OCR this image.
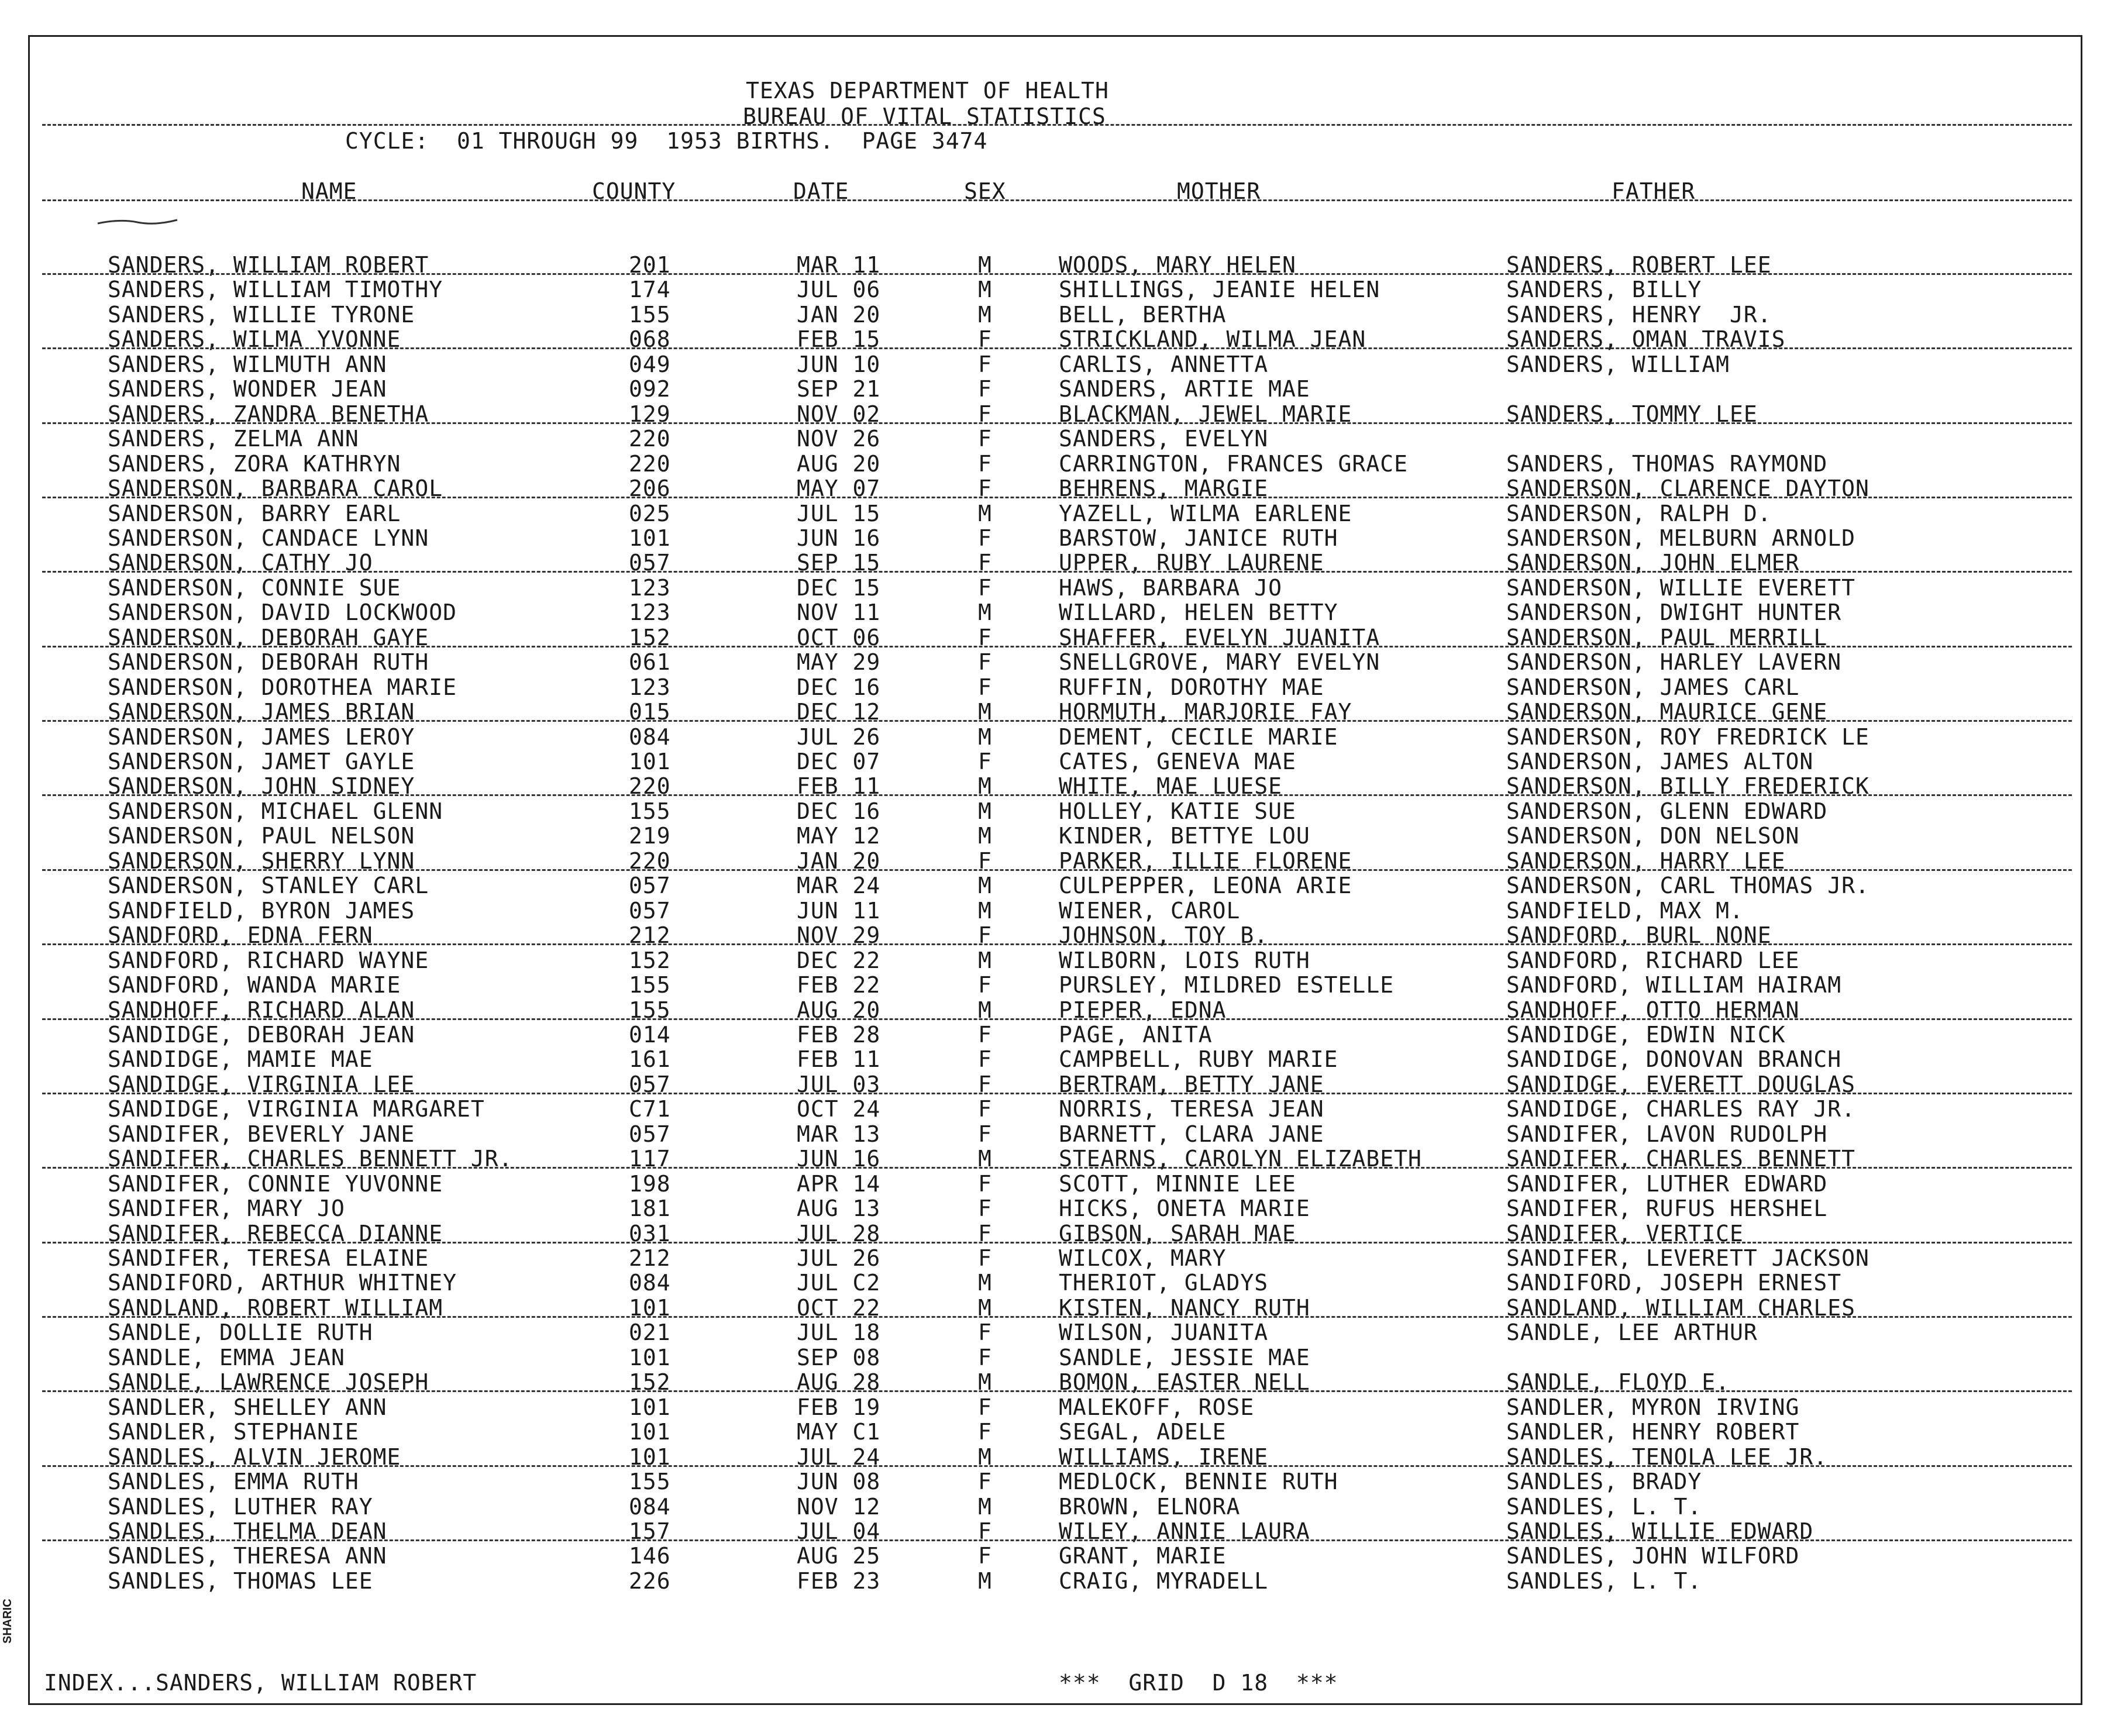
TEXAS DEPARTMENT OF HEALTH
BUREAU OF VITAL STATISTICS
CYCLE:  01 THROUGH 99  1953 BIRTHS.  PAGE 3474
NAME	COUNTY	DATE	SEX	MOTHER	FATHER
SANDERS, WILLIAM ROBERT	201	MAR 11	M	WOODS, MARY HELEN	SANDERS, ROBERT LEE
SANDERS, WILLIAM TIMOTHY	174	JUL 06	M	SHILLINGS, JEANIE HELEN	SANDERS, BILLY
SANDERS, WILLIE TYRONE	155	JAN 20	M	BELL, BERTHA	SANDERS, HENRY  JR.
SANDERS, WILMA YVONNE	068	FEB 15	F	STRICKLAND, WILMA JEAN	SANDERS, OMAN TRAVIS
SANDERS, WILMUTH ANN	049	JUN 10	F	CARLIS, ANNETTA	SANDERS, WILLIAM
SANDERS, WONDER JEAN	092	SEP 21	F	SANDERS, ARTIE MAE
SANDERS, ZANDRA BENETHA	129	NOV 02	F	BLACKMAN, JEWEL MARIE	SANDERS, TOMMY LEE
SANDERS, ZELMA ANN	220	NOV 26	F	SANDERS, EVELYN
SANDERS, ZORA KATHRYN	220	AUG 20	F	CARRINGTON, FRANCES GRACE	SANDERS, THOMAS RAYMOND
SANDERSON, BARBARA CAROL	206	MAY 07	F	BEHRENS, MARGIE	SANDERSON, CLARENCE DAYTON
SANDERSON, BARRY EARL	025	JUL 15	M	YAZELL, WILMA EARLENE	SANDERSON, RALPH D.
SANDERSON, CANDACE LYNN	101	JUN 16	F	BARSTOW, JANICE RUTH	SANDERSON, MELBURN ARNOLD
SANDERSON, CATHY JO	057	SEP 15	F	UPPER, RUBY LAURENE	SANDERSON, JOHN ELMER
SANDERSON, CONNIE SUE	123	DEC 15	F	HAWS, BARBARA JO	SANDERSON, WILLIE EVERETT
SANDERSON, DAVID LOCKWOOD	123	NOV 11	M	WILLARD, HELEN BETTY	SANDERSON, DWIGHT HUNTER
SANDERSON, DEBORAH GAYE	152	OCT 06	F	SHAFFER, EVELYN JUANITA	SANDERSON, PAUL MERRILL
SANDERSON, DEBORAH RUTH	061	MAY 29	F	SNELLGROVE, MARY EVELYN	SANDERSON, HARLEY LAVERN
SANDERSON, DOROTHEA MARIE	123	DEC 16	F	RUFFIN, DOROTHY MAE	SANDERSON, JAMES CARL
SANDERSON, JAMES BRIAN	015	DEC 12	M	HORMUTH, MARJORIE FAY	SANDERSON, MAURICE GENE
SANDERSON, JAMES LEROY	084	JUL 26	M	DEMENT, CECILE MARIE	SANDERSON, ROY FREDRICK LE
SANDERSON, JAMET GAYLE	101	DEC 07	F	CATES, GENEVA MAE	SANDERSON, JAMES ALTON
SANDERSON, JOHN SIDNEY	220	FEB 11	M	WHITE, MAE LUESE	SANDERSON, BILLY FREDERICK
SANDERSON, MICHAEL GLENN	155	DEC 16	M	HOLLEY, KATIE SUE	SANDERSON, GLENN EDWARD
SANDERSON, PAUL NELSON	219	MAY 12	M	KINDER, BETTYE LOU	SANDERSON, DON NELSON
SANDERSON, SHERRY LYNN	220	JAN 20	F	PARKER, ILLIE FLORENE	SANDERSON, HARRY LEE
SANDERSON, STANLEY CARL	057	MAR 24	M	CULPEPPER, LEONA ARIE	SANDERSON, CARL THOMAS JR.
SANDFIELD, BYRON JAMES	057	JUN 11	M	WIENER, CAROL	SANDFIELD, MAX M.
SANDFORD, EDNA FERN	212	NOV 29	F	JOHNSON, TOY B.	SANDFORD, BURL NONE
SANDFORD, RICHARD WAYNE	152	DEC 22	M	WILBORN, LOIS RUTH	SANDFORD, RICHARD LEE
SANDFORD, WANDA MARIE	155	FEB 22	F	PURSLEY, MILDRED ESTELLE	SANDFORD, WILLIAM HAIRAM
SANDHOFF, RICHARD ALAN	155	AUG 20	M	PIEPER, EDNA	SANDHOFF, OTTO HERMAN
SANDIDGE, DEBORAH JEAN	014	FEB 28	F	PAGE, ANITA	SANDIDGE, EDWIN NICK
SANDIDGE, MAMIE MAE	161	FEB 11	F	CAMPBELL, RUBY MARIE	SANDIDGE, DONOVAN BRANCH
SANDIDGE, VIRGINIA LEE	057	JUL 03	F	BERTRAM, BETTY JANE	SANDIDGE, EVERETT DOUGLAS
SANDIDGE, VIRGINIA MARGARET	C71	OCT 24	F	NORRIS, TERESA JEAN	SANDIDGE, CHARLES RAY JR.
SANDIFER, BEVERLY JANE	057	MAR 13	F	BARNETT, CLARA JANE	SANDIFER, LAVON RUDOLPH
SANDIFER, CHARLES BENNETT JR.	117	JUN 16	M	STEARNS, CAROLYN ELIZABETH	SANDIFER, CHARLES BENNETT
SANDIFER, CONNIE YUVONNE	198	APR 14	F	SCOTT, MINNIE LEE	SANDIFER, LUTHER EDWARD
SANDIFER, MARY JO	181	AUG 13	F	HICKS, ONETA MARIE	SANDIFER, RUFUS HERSHEL
SANDIFER, REBECCA DIANNE	031	JUL 28	F	GIBSON, SARAH MAE	SANDIFER, VERTICE
SANDIFER, TERESA ELAINE	212	JUL 26	F	WILCOX, MARY	SANDIFER, LEVERETT JACKSON
SANDIFORD, ARTHUR WHITNEY	084	JUL C2	M	THERIOT, GLADYS	SANDIFORD, JOSEPH ERNEST
SANDLAND, ROBERT WILLIAM	101	OCT 22	M	KISTEN, NANCY RUTH	SANDLAND, WILLIAM CHARLES
SANDLE, DOLLIE RUTH	021	JUL 18	F	WILSON, JUANITA	SANDLE, LEE ARTHUR
SANDLE, EMMA JEAN	101	SEP 08	F	SANDLE, JESSIE MAE
SANDLE, LAWRENCE JOSEPH	152	AUG 28	M	BOMON, EASTER NELL	SANDLE, FLOYD E.
SANDLER, SHELLEY ANN	101	FEB 19	F	MALEKOFF, ROSE	SANDLER, MYRON IRVING
SANDLER, STEPHANIE	101	MAY C1	F	SEGAL, ADELE	SANDLER, HENRY ROBERT
SANDLES, ALVIN JEROME	101	JUL 24	M	WILLIAMS, IRENE	SANDLES, TENOLA LEE JR.
SANDLES, EMMA RUTH	155	JUN 08	F	MEDLOCK, BENNIE RUTH	SANDLES, BRADY
SANDLES, LUTHER RAY	084	NOV 12	M	BROWN, ELNORA	SANDLES, L. T.
SANDLES, THELMA DEAN	157	JUL 04	F	WILEY, ANNIE LAURA	SANDLES, WILLIE EDWARD
SANDLES, THERESA ANN	146	AUG 25	F	GRANT, MARIE	SANDLES, JOHN WILFORD
SANDLES, THOMAS LEE	226	FEB 23	M	CRAIG, MYRADELL	SANDLES, L. T.
INDEX...SANDERS, WILLIAM ROBERT	***  GRID  D 18  ***
SHARIC
